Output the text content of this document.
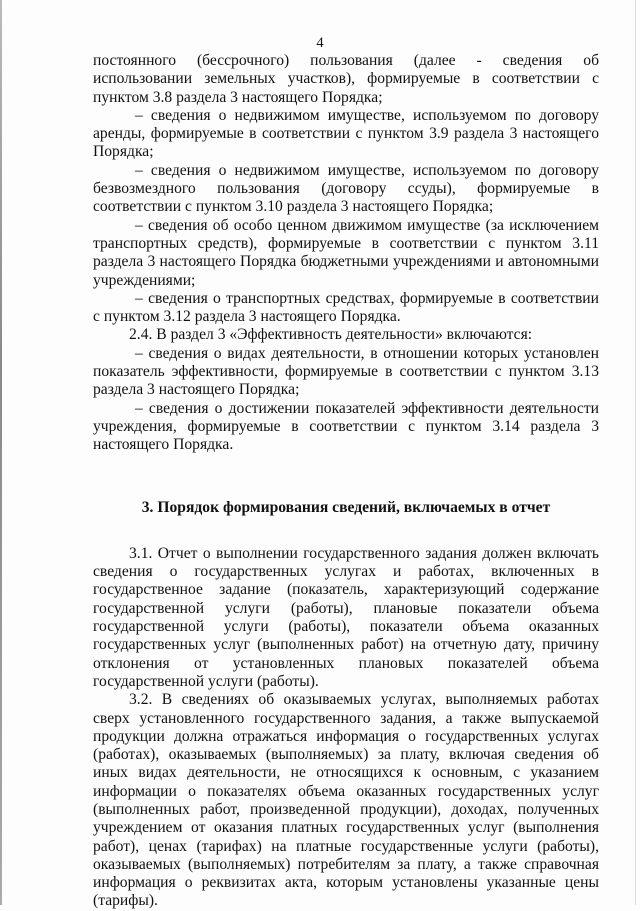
4

постоянного (бессрочного) пользования (далее - сведения об использовании земельных участков), формируемые в соответствии с пунктом 3.8 раздела 3 настоящего Порядка;

– сведения о недвижимом имуществе, используемом по договору аренды, формируемые в соответствии с пунктом 3.9 раздела 3 настоящего Порядка;

– сведения о недвижимом имуществе, используемом по договору безвозмездного пользования (договору ссуды), формируемые в соответствии с пунктом 3.10 раздела 3 настоящего Порядка;

– сведения об особо ценном движимом имуществе (за исключением транспортных средств), формируемые в соответствии с пунктом 3.11 раздела 3 настоящего Порядка бюджетными учреждениями и автономными учреждениями;

– сведения о транспортных средствах, формируемые в соответствии с пунктом 3.12 раздела 3 настоящего Порядка.

2.4. В раздел 3 «Эффективность деятельности» включаются:

– сведения о видах деятельности, в отношении которых установлен показатель эффективности, формируемые в соответствии с пунктом 3.13 раздела 3 настоящего Порядка;

– сведения о достижении показателей эффективности деятельности учреждения, формируемые в соответствии с пунктом 3.14 раздела 3 настоящего Порядка.

3. Порядок формирования сведений, включаемых в отчет

3.1. Отчет о выполнении государственного задания должен включать сведения о государственных услугах и работах, включенных в государственное задание (показатель, характеризующий содержание государственной услуги (работы), плановые показатели объема государственной услуги (работы), показатели объема оказанных государственных услуг (выполненных работ) на отчетную дату, причину отклонения от установленных плановых показателей объема государственной услуги (работы).

3.2. В сведениях об оказываемых услугах, выполняемых работах сверх установленного государственного задания, а также выпускаемой продукции должна отражаться информация о государственных услугах (работах), оказываемых (выполняемых) за плату, включая сведения об иных видах деятельности, не относящихся к основным, с указанием информации о показателях объема оказанных государственных услуг (выполненных работ, произведенной продукции), доходах, полученных учреждением от оказания платных государственных услуг (выполнения работ), ценах (тарифах) на платные государственные услуги (работы), оказываемых (выполняемых) потребителям за плату, а также справочная информация о реквизитах акта, которым установлены указанные цены (тарифы).
